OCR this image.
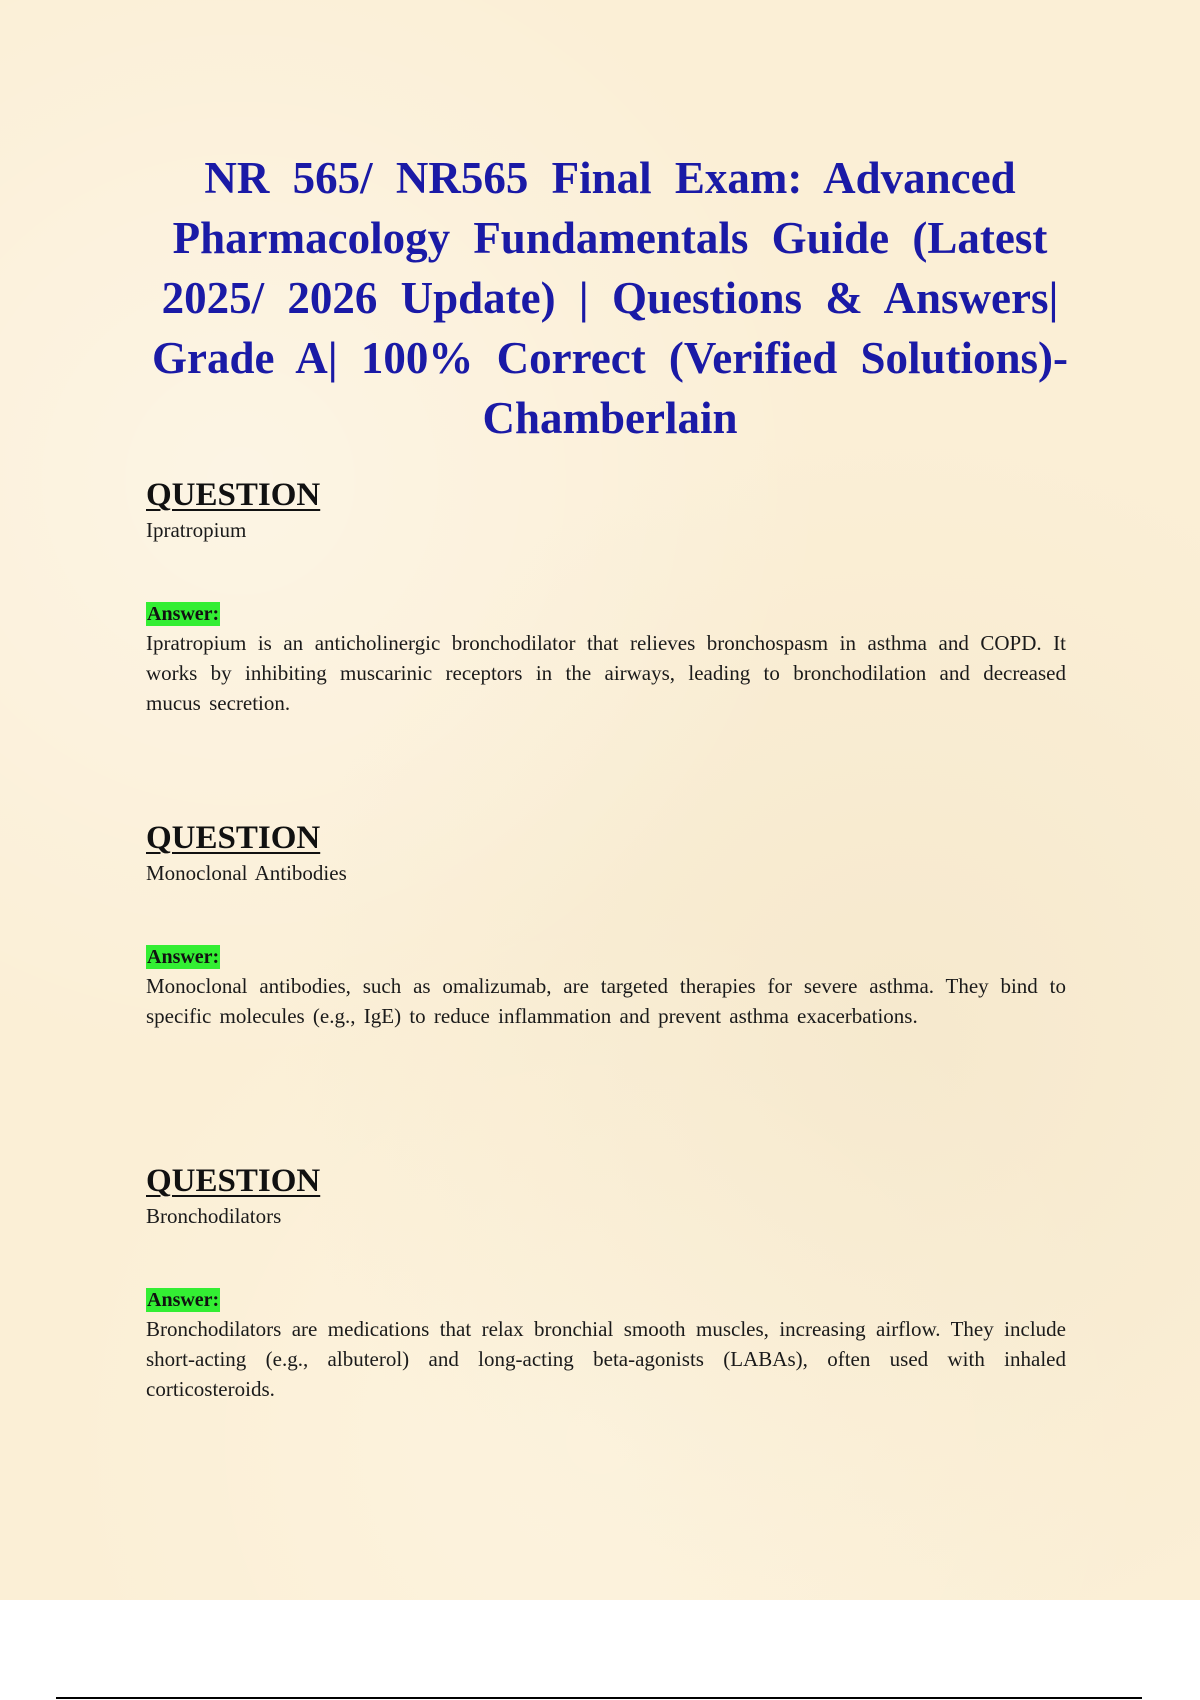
NR 565/ NR565 Final Exam: Advanced Pharmacology Fundamentals Guide (Latest 2025/ 2026 Update) | Questions & Answers| Grade A| 100% Correct (Verified Solutions)- Chamberlain
QUESTION
Ipratropium
Answer:
Ipratropium is an anticholinergic bronchodilator that relieves bronchospasm in asthma and COPD. It works by inhibiting muscarinic receptors in the airways, leading to bronchodilation and decreased mucus secretion.
QUESTION
Monoclonal Antibodies
Answer:
Monoclonal antibodies, such as omalizumab, are targeted therapies for severe asthma. They bind to specific molecules (e.g., IgE) to reduce inflammation and prevent asthma exacerbations.
QUESTION
Bronchodilators
Answer:
Bronchodilators are medications that relax bronchial smooth muscles, increasing airflow. They include short-acting (e.g., albuterol) and long-acting beta-agonists (LABAs), often used with inhaled corticosteroids.
